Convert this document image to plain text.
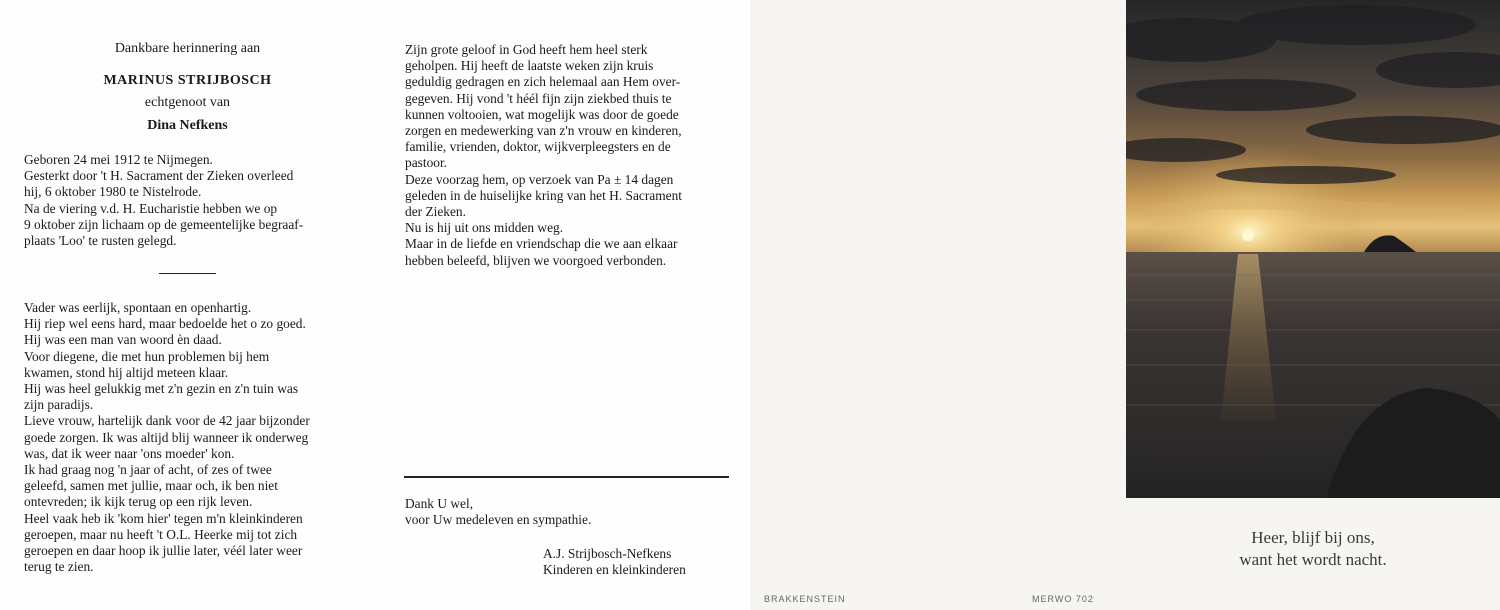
Dankbare herinnering aan
MARINUS STRIJBOSCH
echtgenoot van
Dina Nefkens

Geboren 24 mei 1912 te Nijmegen.
Gesterkt door 't H. Sacrament der Zieken overleed
hij, 6 oktober 1980 te Nistelrode.
Na de viering v.d. H. Eucharistie hebben we op
9 oktober zijn lichaam op de gemeentelijke begraaf-
plaats 'Loo' te rusten gelegd.

Vader was eerlijk, spontaan en openhartig.
Hij riep wel eens hard, maar bedoelde het o zo goed.
Hij was een man van woord èn daad.
Voor diegene, die met hun problemen bij hem
kwamen, stond hij altijd meteen klaar.
Hij was heel gelukkig met z'n gezin en z'n tuin was
zijn paradijs.
Lieve vrouw, hartelijk dank voor de 42 jaar bijzonder
goede zorgen. Ik was altijd blij wanneer ik onderweg
was, dat ik weer naar 'ons moeder' kon.
Ik had graag nog 'n jaar of acht, of zes of twee
geleefd, samen met jullie, maar och, ik ben niet
ontevreden; ik kijk terug op een rijk leven.
Heel vaak heb ik 'kom hier' tegen m'n kleinkinderen
geroepen, maar nu heeft 't O.L. Heerke mij tot zich
geroepen en daar hoop ik jullie later, véél later weer
terug te zien.

Zijn grote geloof in God heeft hem heel sterk
geholpen. Hij heeft de laatste weken zijn kruis
geduldig gedragen en zich helemaal aan Hem over-
gegeven. Hij vond 't héél fijn zijn ziekbed thuis te
kunnen voltooien, wat mogelijk was door de goede
zorgen en medewerking van z'n vrouw en kinderen,
familie, vrienden, doktor, wijkverpleegsters en de
pastoor.
Deze voorzag hem, op verzoek van Pa ± 14 dagen
geleden in de huiselijke kring van het H. Sacrament
der Zieken.
Nu is hij uit ons midden weg.
Maar in de liefde en vriendschap die we aan elkaar
hebben beleefd, blijven we voorgoed verbonden.

Dank U wel,
voor Uw medeleven en sympathie.

A.J. Strijbosch-Nefkens
Kinderen en kleinkinderen

Heer, blijf bij ons,
want het wordt nacht.
BRAKKENSTEIN	MERWO 702
